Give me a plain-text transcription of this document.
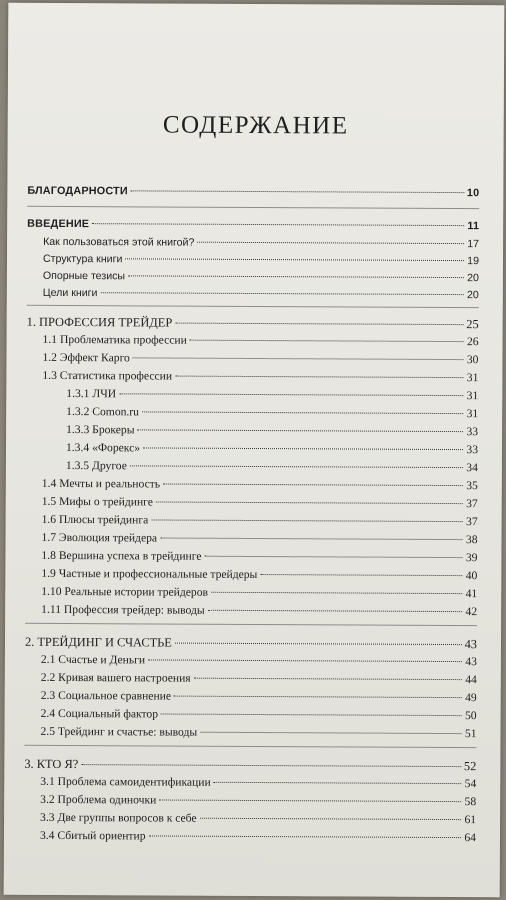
СОДЕРЖАНИЕ
БЛАГОДАРНОСТИ	10
ВВЕДЕНИЕ	11
Как пользоваться этой книгой?	17
Структура книги	19
Опорные тезисы	20
Цели книги	20
1. ПРОФЕССИЯ ТРЕЙДЕР	25
1.1 Проблематика профессии	26
1.2 Эффект Карго	30
1.3 Статистика профессии	31
1.3.1 ЛЧИ	31
1.3.2 Comon.ru	31
1.3.3 Брокеры	33
1.3.4 «Форекс»	33
1.3.5 Другое	34
1.4 Мечты и реальность	35
1.5 Мифы о трейдинге	37
1.6 Плюсы трейдинга	37
1.7 Эволюция трейдера	38
1.8 Вершина успеха в трейдинге	39
1.9 Частные и профессиональные трейдеры	40
1.10 Реальные истории трейдеров	41
1.11 Профессия трейдер: выводы	42
2. ТРЕЙДИНГ И СЧАСТЬЕ	43
2.1 Счастье и Деньги	43
2.2 Кривая вашего настроения	44
2.3 Социальное сравнение	49
2.4 Социальный фактор	50
2.5 Трейдинг и счастье: выводы	51
3. КТО Я?	52
3.1 Проблема самоидентификации	54
3.2 Проблема одиночки	58
3.3 Две группы вопросов к себе	61
3.4 Сбитый ориентир	64
